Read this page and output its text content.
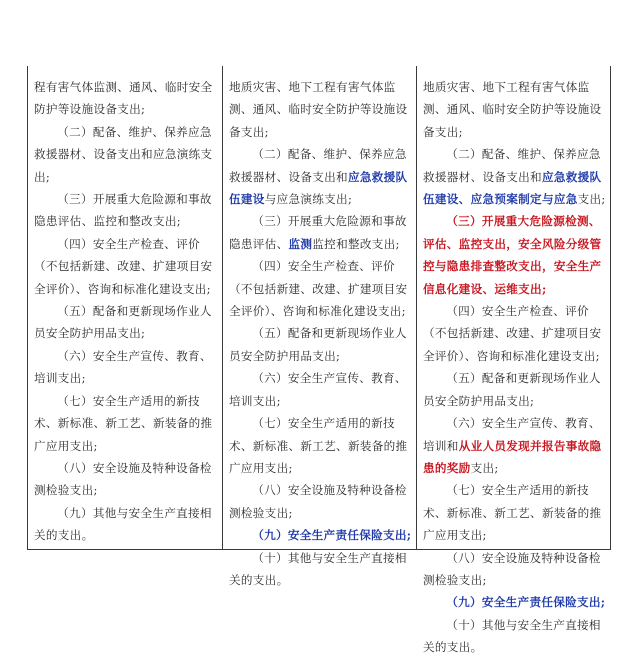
程有害气体监测、通风、临时安全防护等设施设备支出;

（二）配备、维护、保养应急救援器材、设备支出和应急演练支出;

（三）开展重大危险源和事故隐患评估、监控和整改支出;

（四）安全生产检查、评价（不包括新建、改建、扩建项目安全评价）、咨询和标准化建设支出;

（五）配备和更新现场作业人员安全防护用品支出;

（六）安全生产宣传、教育、培训支出;

（七）安全生产适用的新技术、新标准、新工艺、新装备的推广应用支出;

（八）安全设施及特种设备检测检验支出;

（九）其他与安全生产直接相关的支出。

地质灾害、地下工程有害气体监测、通风、临时安全防护等设施设备支出;

（二）配备、维护、保养应急救援器材、设备支出和应急救援队伍建设与应急演练支出;

（三）开展重大危险源和事故隐患评估、监测监控和整改支出;

（四）安全生产检查、评价（不包括新建、改建、扩建项目安全评价）、咨询和标准化建设支出;

（五）配备和更新现场作业人员安全防护用品支出;

（六）安全生产宣传、教育、培训支出;

（七）安全生产适用的新技术、新标准、新工艺、新装备的推广应用支出;

（八）安全设施及特种设备检测检验支出;

（九）安全生产责任保险支出;

（十）其他与安全生产直接相关的支出。

地质灾害、地下工程有害气体监测、通风、临时安全防护等设施设备支出;

（二）配备、维护、保养应急救援器材、设备支出和应急救援队伍建设、应急预案制定与应急支出;

（三）开展重大危险源检测、评估、监控支出，安全风险分级管控与隐患排查整改支出，安全生产信息化建设、运维支出;

（四）安全生产检查、评价（不包括新建、改建、扩建项目安全评价）、咨询和标准化建设支出;

（五）配备和更新现场作业人员安全防护用品支出;

（六）安全生产宣传、教育、培训和从业人员发现并报告事故隐患的奖励支出;

（七）安全生产适用的新技术、新标准、新工艺、新装备的推广应用支出;

（八）安全设施及特种设备检测检验支出;

（九）安全生产责任保险支出;

（十）其他与安全生产直接相关的支出。
